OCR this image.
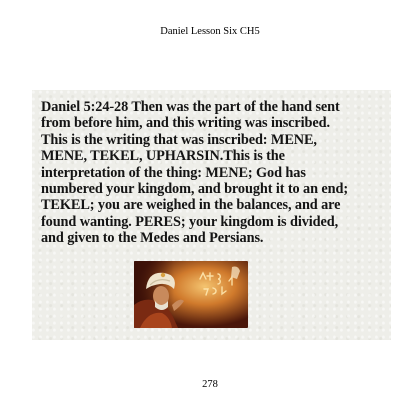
Daniel Lesson Six CH5

Daniel 5:24-28 Then was the part of the hand sent
from before him, and this writing was inscribed.
This is the writing that was inscribed: MENE,
MENE, TEKEL, UPHARSIN.This is the
interpretation of the thing: MENE; God has
numbered your kingdom, and brought it to an end;
TEKEL; you are weighed in the balances, and are
found wanting. PERES; your kingdom is divided,
and given to the Medes and Persians.

278
